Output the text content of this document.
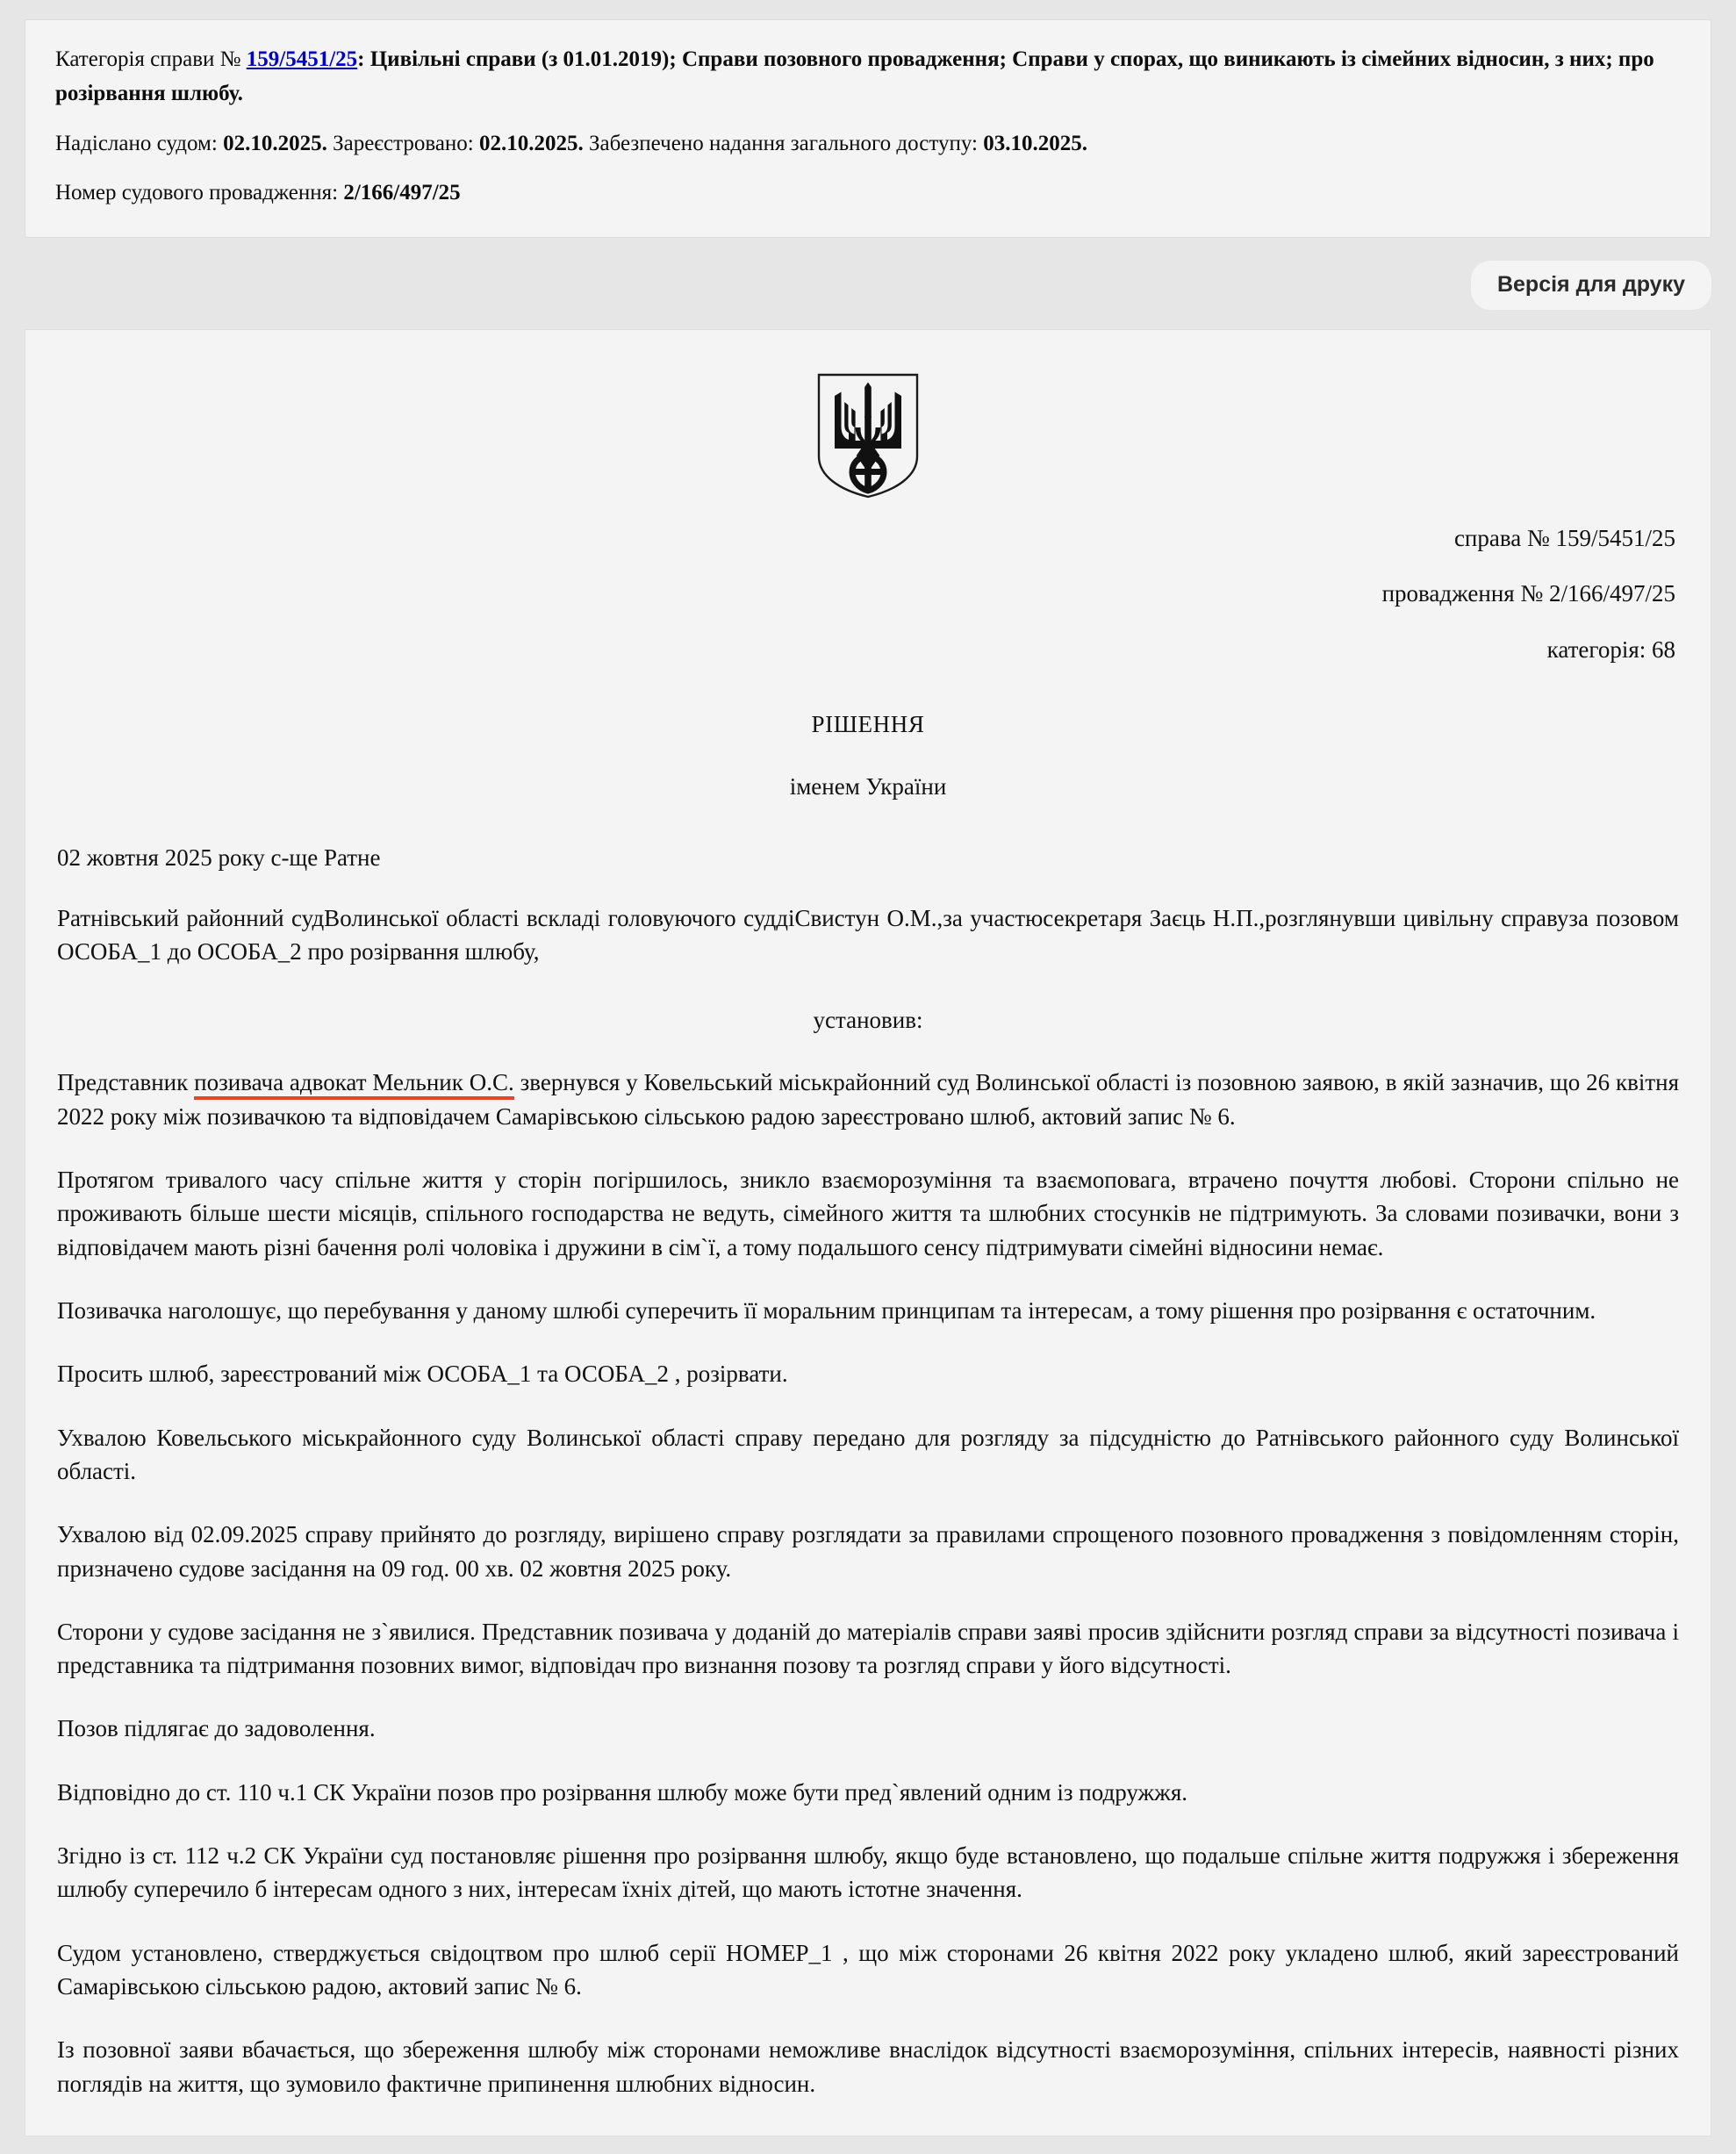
Категорія справи № 159/5451/25: Цивільні справи (з 01.01.2019); Справи позовного провадження; Справи у спорах, що виникають із сімейних відносин, з них; про розірвання шлюбу.

Надіслано судом: 02.10.2025. Зареєстровано: 02.10.2025. Забезпечено надання загального доступу: 03.10.2025.

Номер судового провадження: 2/166/497/25

Версія для друку
справа № 159/5451/25
провадження № 2/166/497/25
категорія: 68
РІШЕННЯ
іменем України
02 жовтня 2025 року с-ще Ратне

Ратнівський районний судВолинської області вскладі головуючого суддіСвистун О.М.,за участюсекретаря Заєць Н.П.,розглянувши цивільну справуза позовом ОСОБА_1 до ОСОБА_2 про розірвання шлюбу,

установив:

Представник позивача адвокат Мельник О.С. звернувся у Ковельський міськрайонний суд Волинської області із позовною заявою, в якій зазначив, що 26 квітня 2022 року між позивачкою та відповідачем Самарівською сільською радою зареєстровано шлюб, актовий запис № 6.

Протягом тривалого часу спільне життя у сторін погіршилось, зникло взаєморозуміння та взаємоповага, втрачено почуття любові. Сторони спільно не проживають більше шести місяців, спільного господарства не ведуть, сімейного життя та шлюбних стосунків не підтримують. За словами позивачки, вони з відповідачем мають різні бачення ролі чоловіка і дружини в сім`ї, а тому подальшого сенсу підтримувати сімейні відносини немає.

Позивачка наголошує, що перебування у даному шлюбі суперечить її моральним принципам та інтересам, а тому рішення про розірвання є остаточним.

Просить шлюб, зареєстрований між ОСОБА_1 та ОСОБА_2 , розірвати.

Ухвалою Ковельського міськрайонного суду Волинської області справу передано для розгляду за підсудністю до Ратнівського районного суду Волинської області.

Ухвалою від 02.09.2025 справу прийнято до розгляду, вирішено справу розглядати за правилами спрощеного позовного провадження з повідомленням сторін, призначено судове засідання на 09 год. 00 хв. 02 жовтня 2025 року.

Сторони у судове засідання не з`явилися. Представник позивача у доданій до матеріалів справи заяві просив здійснити розгляд справи за відсутності позивача і представника та підтримання позовних вимог, відповідач про визнання позову та розгляд справи у його відсутності.

Позов підлягає до задоволення.

Відповідно до ст. 110 ч.1 СК України позов про розірвання шлюбу може бути пред`явлений одним із подружжя.

Згідно із ст. 112 ч.2 СК України суд постановляє рішення про розірвання шлюбу, якщо буде встановлено, що подальше спільне життя подружжя і збереження шлюбу суперечило б інтересам одного з них, інтересам їхніх дітей, що мають істотне значення.

Судом установлено, стверджується свідоцтвом про шлюб серії НОМЕР_1 , що між сторонами 26 квітня 2022 року укладено шлюб, який зареєстрований Самарівською сільською радою, актовий запис № 6.

Із позовної заяви вбачається, що збереження шлюбу між сторонами неможливе внаслідок відсутності взаєморозуміння, спільних інтересів, наявності різних поглядів на життя, що зумовило фактичне припинення шлюбних відносин.
